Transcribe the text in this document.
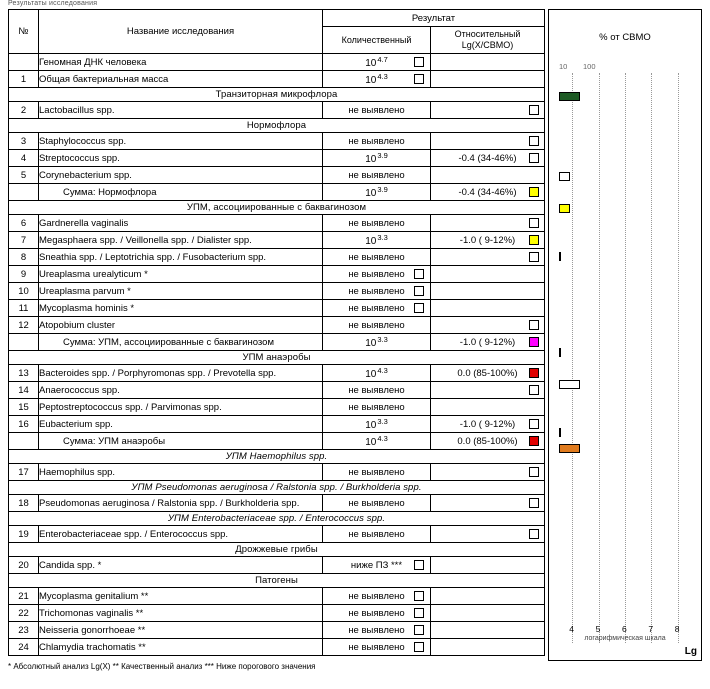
Результаты исследования
№	Название исследования	Результат	
		Количественный	Относительный Lg(X/CBMO)
	Геномная ДНК человека	$10^{4.7}$

1	Общая бактериальная масса	$10^{4.3}$

Транзиторная микрофлора			
2	Lactobacillus spp.	не выявлено	

Нормофлора			
3	Staphylococcus spp.	не выявлено	

4	Streptococcus spp.	$10^{3.9}$	-0.4 (34-46%)

5	Corynebacterium spp.	не выявлено	
	Сумма: Нормофлора	$10^{3.9}$	-0.4 (34-46%)

УПМ, ассоциированные с баквагинозом			
6	Gardnerella vaginalis	не выявлено	

7	Megasphaera spp. / Veillonella spp. / Dialister spp.	$10^{3.3}$	-1.0 ( 9-12%)

8	Sneathia spp. / Leptotrichia spp. / Fusobacterium spp.	не выявлено	

9	Ureaplasma urealyticum *	не выявлено

10	Ureaplasma parvum *	не выявлено

11	Mycoplasma hominis *	не выявлено

12	Atopobium cluster	не выявлено	

	Сумма: УПМ, ассоциированные с баквагинозом	$10^{3.3}$	-1.0 ( 9-12%)

УПМ анаэробы			
13	Bacteroides spp. / Porphyromonas spp. / Prevotella spp.	$10^{4.3}$	0.0 (85-100%)

14	Anaerococcus spp.	не выявлено	

15	Peptostreptococcus spp. / Parvimonas spp.	не выявлено	
16	Eubacterium spp.	$10^{3.3}$	-1.0 ( 9-12%)

	Сумма: УПМ анаэробы	$10^{4.3}$	0.0 (85-100%)

УПМ Haemophilus spp.			
17	Haemophilus spp.	не выявлено	

УПМ Pseudomonas aeruginosa / Ralstonia spp. / Burkholderia spp.			
18	Pseudomonas aeruginosa / Ralstonia spp. / Burkholderia spp.	не выявлено	

УПМ Enterobacteriaceae spp. / Enterococcus spp.			
19	Enterobacteriaceae spp. / Enterococcus spp.	не выявлено	

Дрожжевые грибы			
20	Candida spp. *	ниже ПЗ ***

Патогены			
21	Mycoplasma genitalium **	не выявлено

22	Trichomonas vaginalis **	не выявлено

23	Neisseria gonorrhoeae **	не выявлено

24	Chlamydia trachomatis **	не выявлено

% от CBMO
10 100
4	5	6	7	8
логарифмическая шкала
Lg
* Абсолютный анализ Lg(X) ** Качественный анализ *** Ниже порогового значения
